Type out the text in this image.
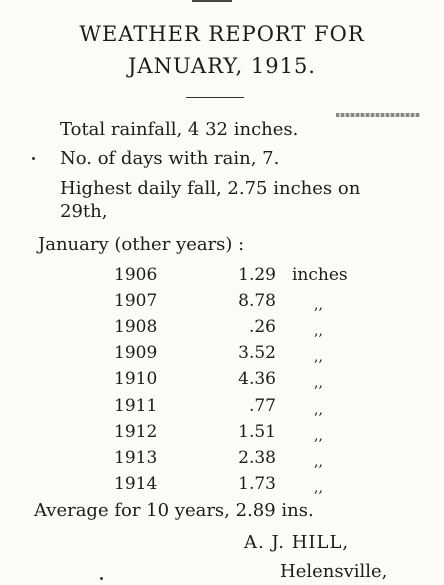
WEATHER REPORT FOR
JANUARY, 1915.
Total rainfall, 4 32 inches.
No. of days with rain, 7.
Highest daily fall, 2.75 inches on
29th,
January (other years) :
1906	1.29 inches
1907	8.78	,,
1908	.26	,,
1909	3.52	,,
1910	4.36	,,
1911	.77	,,
1912	1.51	,,
1913	2.38	,,
1914	1.73	,,
Average for 10 years, 2.89 ins.
A. J. HILL,
Helensville,
